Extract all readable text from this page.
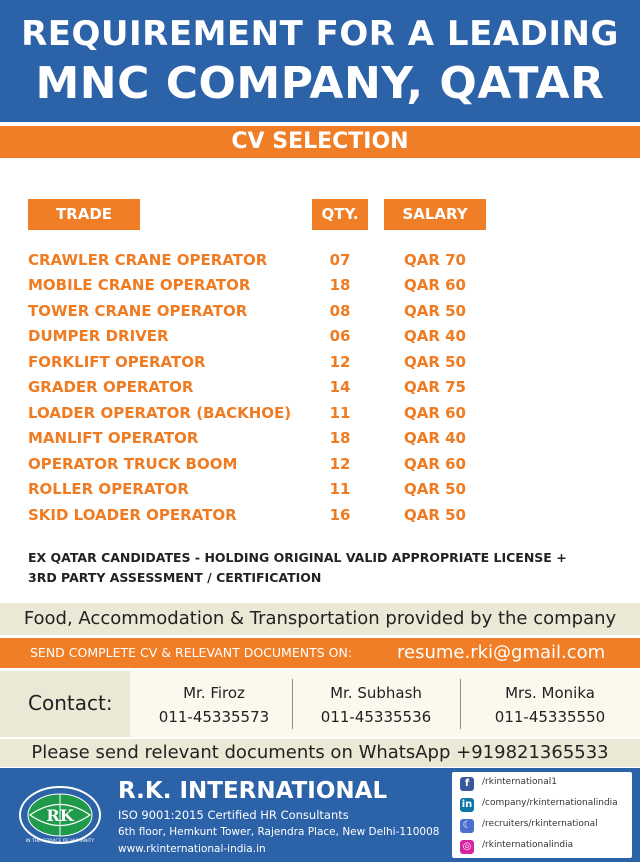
REQUIREMENT FOR A LEADING
MNC COMPANY, QATAR
CV SELECTION
TRADE	QTY.	SALARY
CRAWLER CRANE OPERATOR	07	QAR 70
MOBILE CRANE OPERATOR	18	QAR 60
TOWER CRANE OPERATOR	08	QAR 50
DUMPER DRIVER	06	QAR 40
FORKLIFT OPERATOR	12	QAR 50
GRADER OPERATOR	14	QAR 75
LOADER OPERATOR (BACKHOE)	11	QAR 60
MANLIFT OPERATOR	18	QAR 40
OPERATOR TRUCK BOOM	12	QAR 60
ROLLER OPERATOR	11	QAR 50
SKID LOADER OPERATOR	16	QAR 50
EX QATAR CANDIDATES - HOLDING ORIGINAL VALID APPROPRIATE LICENSE +
3RD PARTY ASSESSMENT / CERTIFICATION
Food, Accommodation & Transportation provided by the company
SEND COMPLETE CV & RELEVANT DOCUMENTS ON: resume.rki@gmail.com
Contact:	Mr. Firoz
011-45335573
Mr. Subhash
011-45335536
Mrs. Monika
011-45335550
Please send relevant documents on WhatsApp +919821365533
RK
IN THE SERVICE OF HUMANITY
R.K. INTERNATIONAL
ISO 9001:2015 Certified HR Consultants
6th floor, Hemkunt Tower, Rajendra Place, New Delhi-110008
www.rkinternational-india.in
f	/rkinternational1
in /company/rkinternationalindia
☾ /recruiters/rkinternational
◎ /rkinternationalindia
